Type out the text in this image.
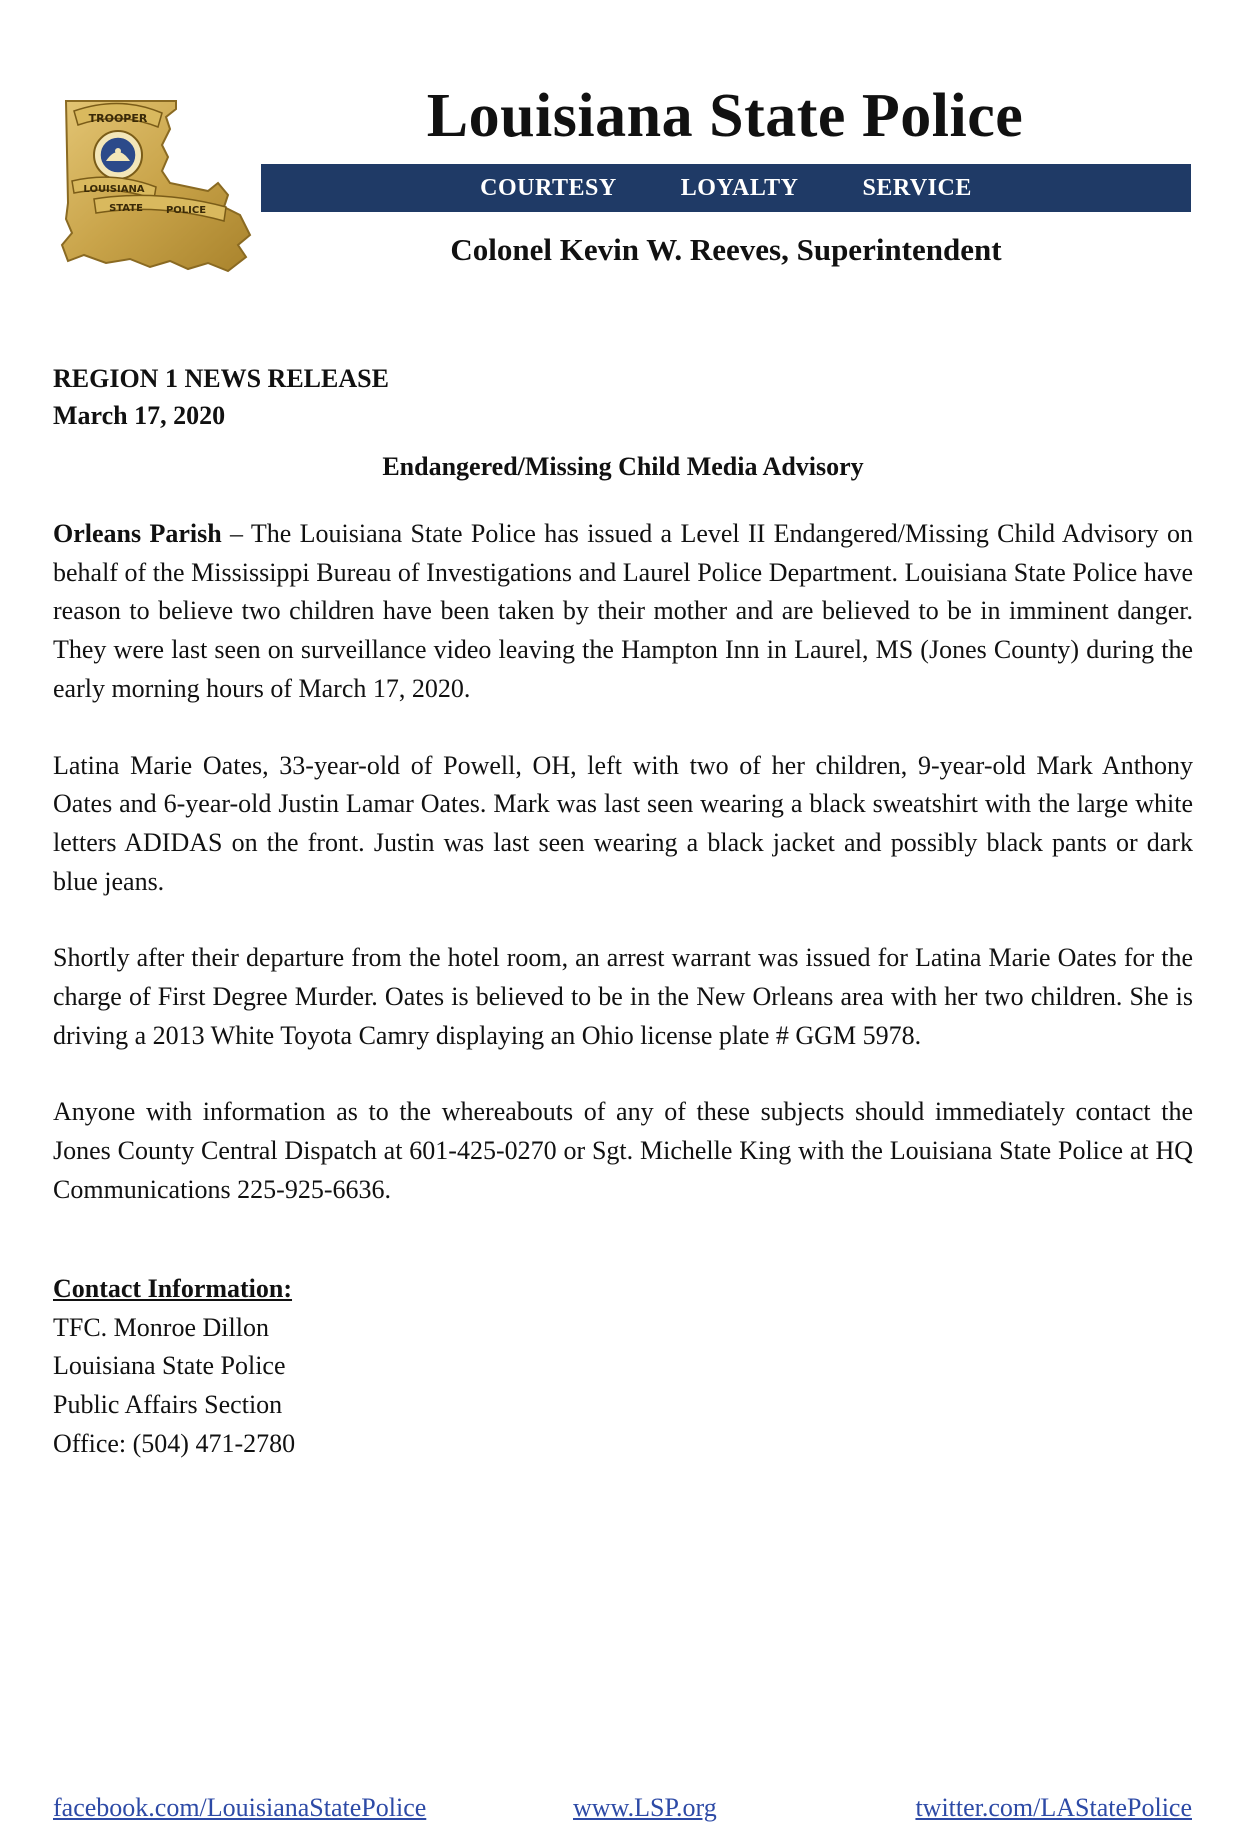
TROOPER
LOUISIANA
STATE POLICE
Louisiana State Police
COURTESY	LOYALTY	SERVICE
Colonel Kevin W. Reeves, Superintendent
REGION 1 NEWS RELEASE
March 17, 2020
Endangered/Missing Child Media Advisory

Orleans Parish – The Louisiana State Police has issued a Level II Endangered/Missing Child Advisory on behalf of the Mississippi Bureau of Investigations and Laurel Police Department. Louisiana State Police have reason to believe two children have been taken by their mother and are believed to be in imminent danger. They were last seen on surveillance video leaving the Hampton Inn in Laurel, MS (Jones County) during the early morning hours of March 17, 2020.

Latina Marie Oates, 33-year-old of Powell, OH, left with two of her children, 9-year-old Mark Anthony Oates and 6-year-old Justin Lamar Oates. Mark was last seen wearing a black sweatshirt with the large white letters ADIDAS on the front. Justin was last seen wearing a black jacket and possibly black pants or dark blue jeans.

Shortly after their departure from the hotel room, an arrest warrant was issued for Latina Marie Oates for the charge of First Degree Murder. Oates is believed to be in the New Orleans area with her two children. She is driving a 2013 White Toyota Camry displaying an Ohio license plate # GGM 5978.

Anyone with information as to the whereabouts of any of these subjects should immediately contact the Jones County Central Dispatch at 601-425-0270 or Sgt. Michelle King with the Louisiana State Police at HQ Communications 225-925-6636.

Contact Information:
TFC. Monroe Dillon
Louisiana State Police
Public Affairs Section
Office: (504) 471-2780
facebook.com/LouisianaStatePolice	www.LSP.org	twitter.com/LAStatePolice
